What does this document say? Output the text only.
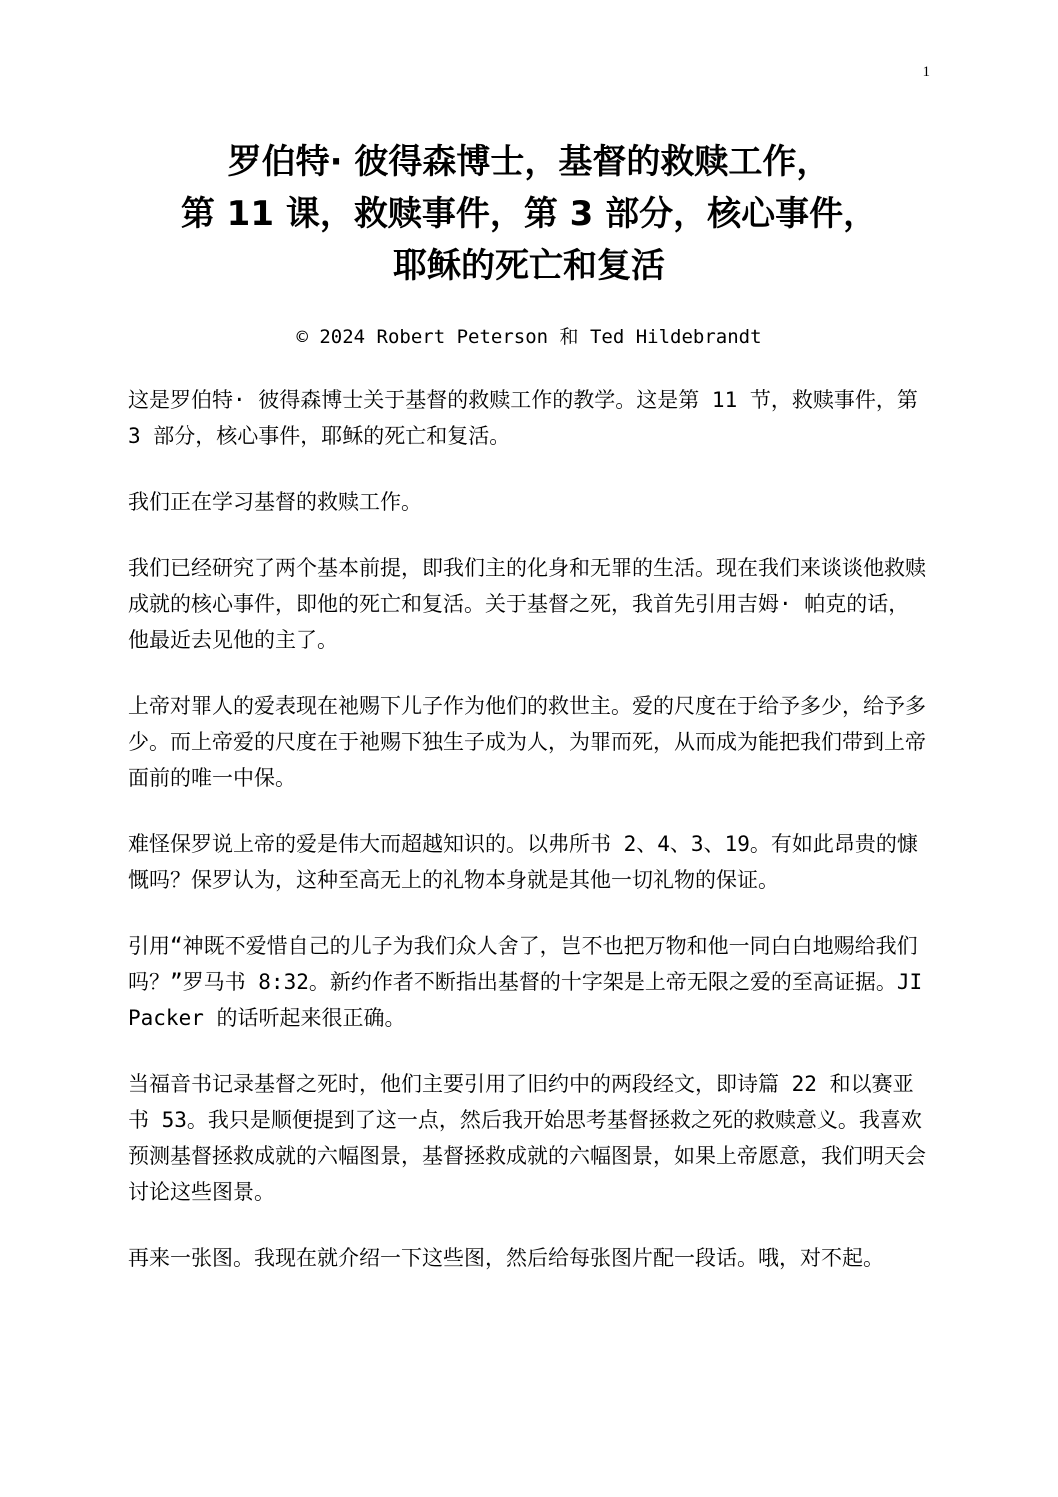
1
罗伯特· 彼得森博士，基督的救赎工作，
第 11 课，救赎事件，第 3 部分，核心事件，
耶稣的死亡和复活
© 2024 Robert Peterson 和 Ted Hildebrandt

这是罗伯特· 彼得森博士关于基督的救赎工作的教学。这是第 11 节，救赎事件，第 3 部分，核心事件，耶稣的死亡和复活。

我们正在学习基督的救赎工作。

我们已经研究了两个基本前提，即我们主的化身和无罪的生活。现在我们来谈谈他救赎成就的核心事件，即他的死亡和复活。关于基督之死，我首先引用吉姆· 帕克的话，他最近去见他的主了。

上帝对罪人的爱表现在祂赐下儿子作为他们的救世主。爱的尺度在于给予多少，给予多少。而上帝爱的尺度在于祂赐下独生子成为人，为罪而死，从而成为能把我们带到上帝面前的唯一中保。

难怪保罗说上帝的爱是伟大而超越知识的。以弗所书 2、4、3、19。有如此昂贵的慷慨吗？保罗认为，这种至高无上的礼物本身就是其他一切礼物的保证。

引用“神既不爱惜自己的儿子为我们众人舍了，岂不也把万物和他一同白白地赐给我们吗？”罗马书 8:32。新约作者不断指出基督的十字架是上帝无限之爱的至高证据。JI Packer 的话听起来很正确。

当福音书记录基督之死时，他们主要引用了旧约中的两段经文，即诗篇 22 和以赛亚书 53。我只是顺便提到了这一点，然后我开始思考基督拯救之死的救赎意义。我喜欢预测基督拯救成就的六幅图景，基督拯救成就的六幅图景，如果上帝愿意，我们明天会讨论这些图景。

再来一张图。我现在就介绍一下这些图，然后给每张图片配一段话。哦，对不起。
